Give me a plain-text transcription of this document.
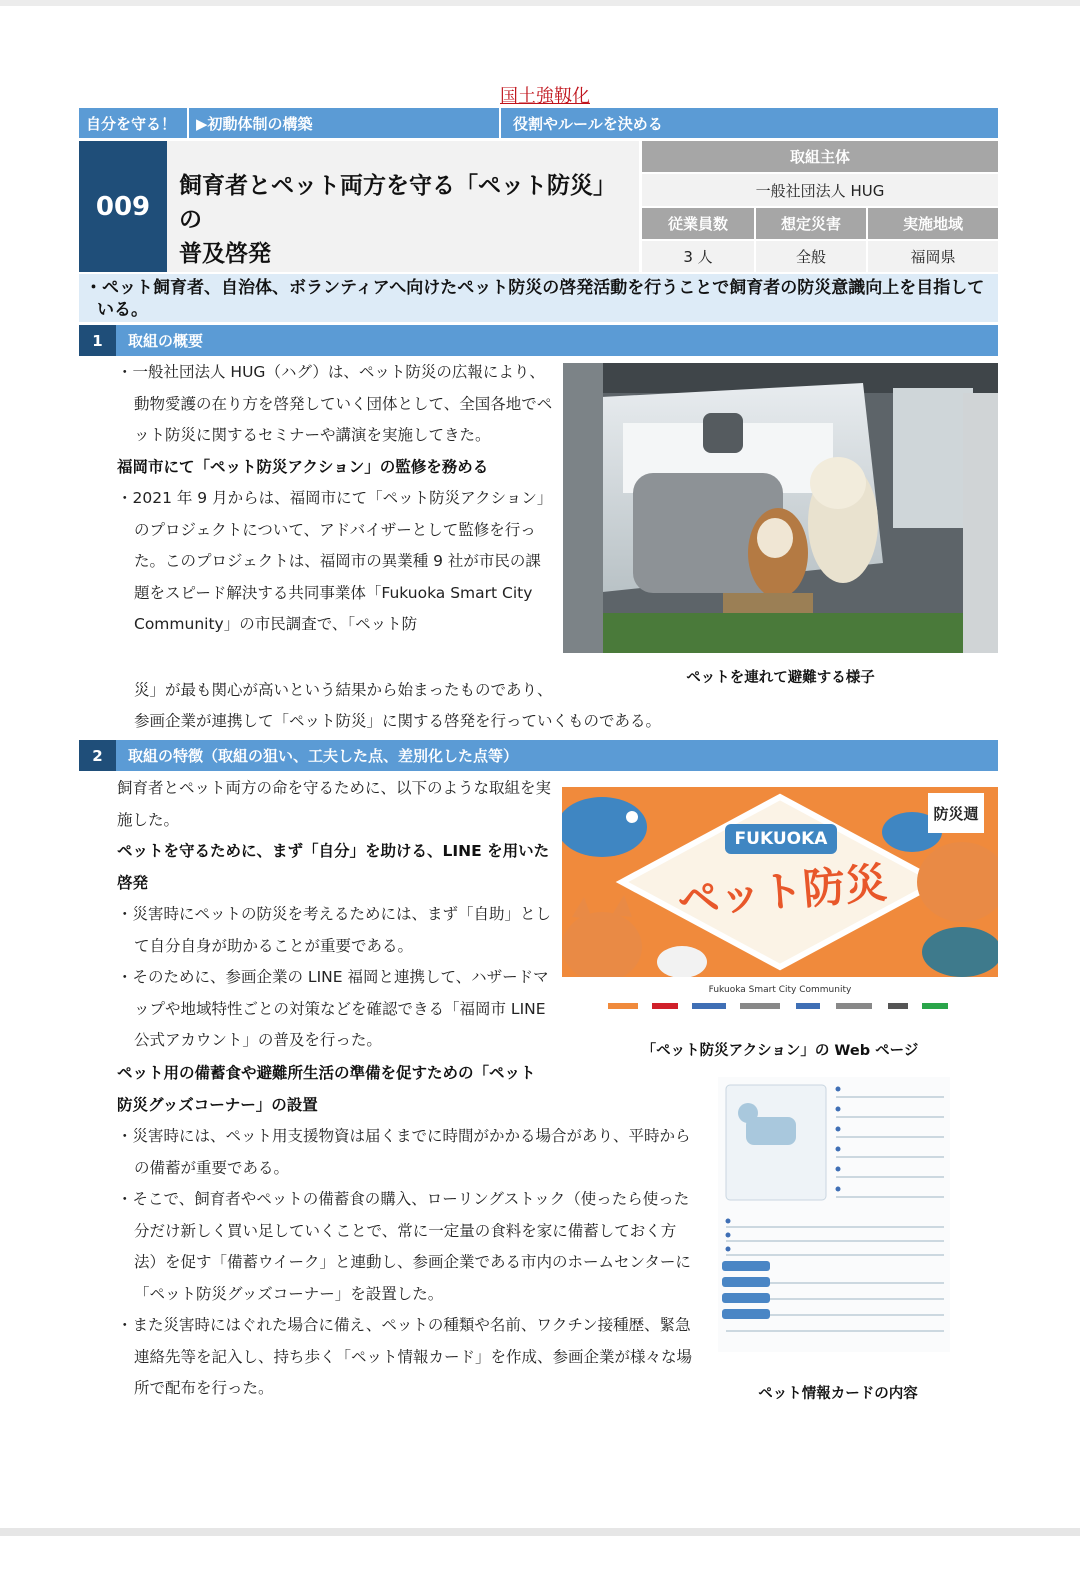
国土強靱化
自分を守る！	▶初動体制の構築	役割やルールを決める
009
飼育者とペット両方を守る「ペット防災」の
普及啓発
取組主体
一般社団法人 HUG
従業員数	想定災害	実施地域
3 人	全般	福岡県
・ペット飼育者、自治体、ボランティアへ向けたペット防災の啓発活動を行うことで飼育者の防災意識向上を目指している。
1	取組の概要

・一般社団法人 HUG（ハグ）は、ペット防災の広報により、動物愛護の在り方を啓発していく団体として、全国各地でペット防災に関するセミナーや講演を実施してきた。

福岡市にて「ペット防災アクション」の監修を務める

・2021 年 9 月からは、福岡市にて「ペット防災アクション」のプロジェクトについて、アドバイザーとして監修を行った。このプロジェクトは、福岡市の異業種 9 社が市民の課題をスピード解決する共同事業体「Fukuoka Smart City Community」の市民調査で、「ペット防

災」が最も関心が高いという結果から始まったものであり、
参画企業が連携して「ペット防災」に関する啓発を行っていくものである。
ペットを連れて避難する様子
2	取組の特徴（取組の狙い、工夫した点、差別化した点等）

飼育者とペット両方の命を守るために、以下のような取組を実施した。

ペットを守るために、まず「自分」を助ける、LINE を用いた啓発

・災害時にペットの防災を考えるためには、まず「自助」として自分自身が助かることが重要である。

・そのために、参画企業の LINE 福岡と連携して、ハザードマップや地域特性ごとの対策などを確認できる「福岡市 LINE 公式アカウント」の普及を行った。

ペット用の備蓄食や避難所生活の準備を促すための「ペット

防災グッズコーナー」の設置

・災害時には、ペット用支援物資は届くまでに時間がかかる場合があり、平時からの備蓄が重要である。

・そこで、飼育者やペットの備蓄食の購入、ローリングストック（使ったら使った分だけ新しく買い足していくことで、常に一定量の食料を家に備蓄しておく方法）を促す「備蓄ウイーク」と連動し、参画企業である市内のホームセンターに「ペット防災グッズコーナー」を設置した。

・また災害時にはぐれた場合に備え、ペットの種類や名前、ワクチン接種歴、緊急連絡先等を記入し、持ち歩く「ペット情報カード」を作成、参画企業が様々な場所で配布を行った。

FUKUOKA
ペット防災
防災週
Fukuoka Smart City Community
「ペット防災アクション」の Web ページ
ペット情報カードの内容
